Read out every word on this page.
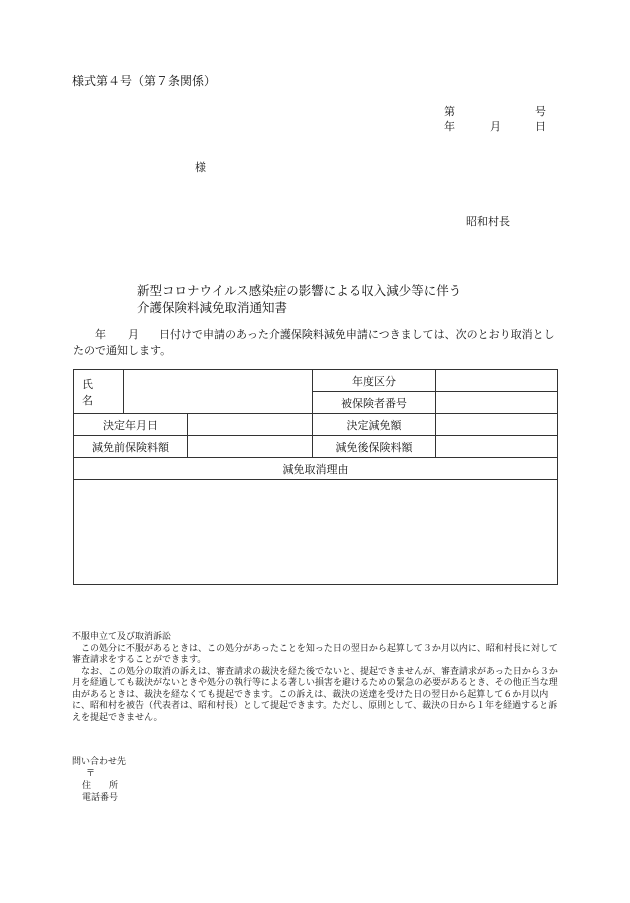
様式第４号（第７条関係）
第	号
年	月	日
様
昭和村長
新型コロナウイルス感染症の影響による収入減少等に伴う
介護保険料減免取消通知書
年 月 日付けで申請のあった介護保険料減免申請につきましては、次のとおり取消としたので通知します。
氏　名			年度区分	
			被保険者番号	
決定年月日			決定減免額	
減免前保険料額			減免後保険料額	
減免取消理由				

不服申立て及び取消訴訟

この処分に不服があるときは、この処分があったことを知った日の翌日から起算して３か月以内に、昭和村長に対して審査請求をすることができます。

なお、この処分の取消の訴えは、審査請求の裁決を経た後でないと、提起できませんが、審査請求があった日から３か月を経過しても裁決がないときや処分の執行等による著しい損害を避けるための緊急の必要があるとき、その他正当な理由があるときは、裁決を経なくても提起できます。この訴えは、裁決の送達を受けた日の翌日から起算して６か月以内に、昭和村を被告（代表者は、昭和村長）として提起できます。ただし、原則として、裁決の日から１年を経過すると訴えを提起できません。

問い合わせ先
〒
住 所
電話番号
